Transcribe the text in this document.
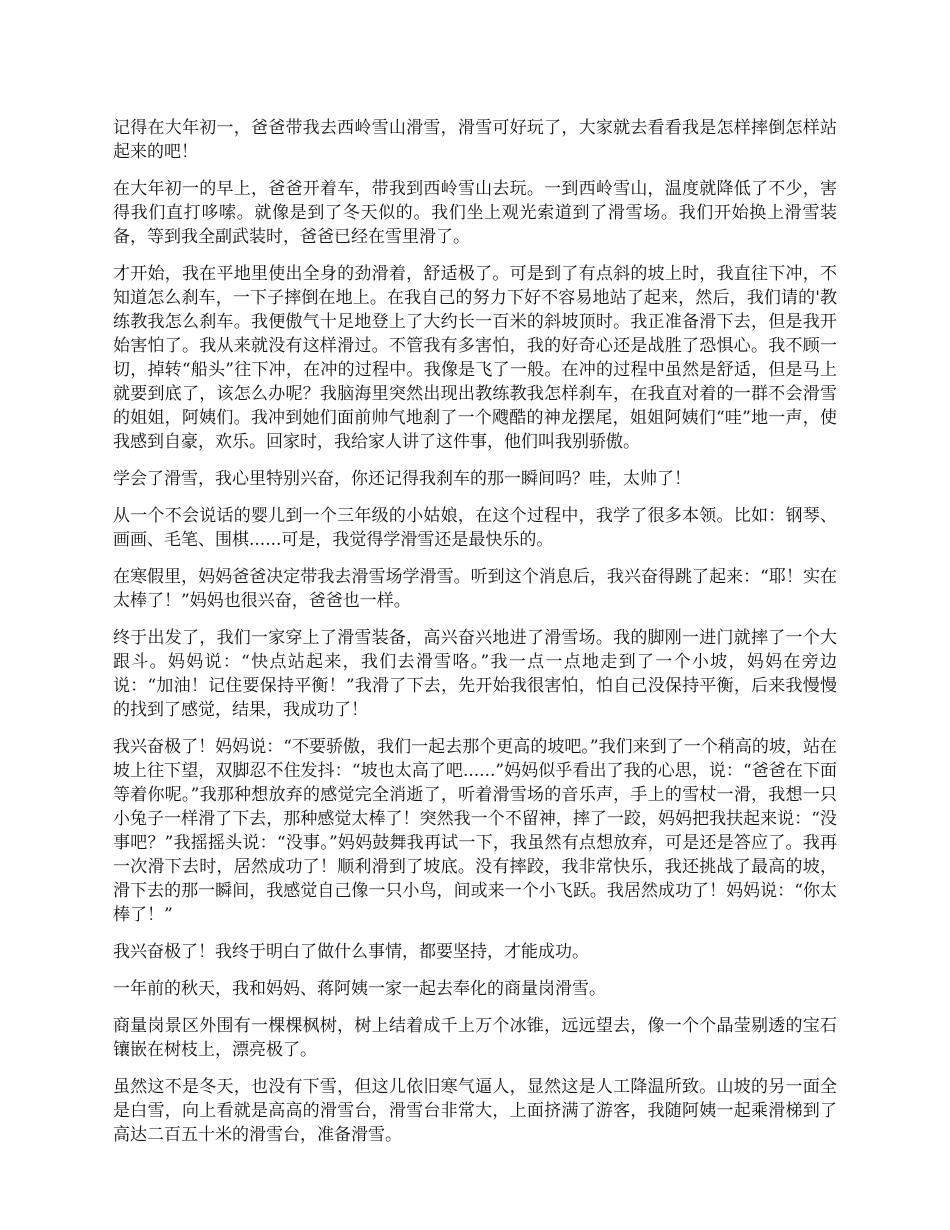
记得在大年初一，爸爸带我去西岭雪山滑雪，滑雪可好玩了，大家就去看看我是怎样摔倒怎样站起来的吧！

在大年初一的早上，爸爸开着车，带我到西岭雪山去玩。一到西岭雪山，温度就降低了不少，害得我们直打哆嗦。就像是到了冬天似的。我们坐上观光索道到了滑雪场。我们开始换上滑雪装备，等到我全副武装时，爸爸已经在雪里滑了。

才开始，我在平地里使出全身的劲滑着，舒适极了。可是到了有点斜的坡上时，我直往下冲，不知道怎么刹车，一下子摔倒在地上。在我自己的努力下好不容易地站了起来，然后，我们请的'教练教我怎么刹车。我便傲气十足地登上了大约长一百米的斜坡顶时。我正准备滑下去，但是我开始害怕了。我从来就没有这样滑过。不管我有多害怕，我的好奇心还是战胜了恐惧心。我不顾一切，掉转“船头”往下冲，在冲的过程中。我像是飞了一般。在冲的过程中虽然是舒适，但是马上就要到底了，该怎么办呢？我脑海里突然出现出教练教我怎样刹车，在我直对着的一群不会滑雪的姐姐，阿姨们。我冲到她们面前帅气地刹了一个飕酷的神龙摆尾，姐姐阿姨们“哇”地一声，使我感到自豪，欢乐。回家时，我给家人讲了这件事，他们叫我别骄傲。

学会了滑雪，我心里特别兴奋，你还记得我刹车的那一瞬间吗？哇，太帅了！

从一个不会说话的婴儿到一个三年级的小姑娘，在这个过程中，我学了很多本领。比如：钢琴、画画、毛笔、围棋......可是，我觉得学滑雪还是最快乐的。

在寒假里，妈妈爸爸决定带我去滑雪场学滑雪。听到这个消息后，我兴奋得跳了起来：“耶！实在太棒了！”妈妈也很兴奋，爸爸也一样。

终于出发了，我们一家穿上了滑雪装备，高兴奋兴地进了滑雪场。我的脚刚一进门就摔了一个大跟斗。妈妈说：“快点站起来，我们去滑雪咯。”我一点一点地走到了一个小坡，妈妈在旁边说：“加油！记住要保持平衡！”我滑了下去，先开始我很害怕，怕自己没保持平衡，后来我慢慢的找到了感觉，结果，我成功了！

我兴奋极了！妈妈说：“不要骄傲，我们一起去那个更高的坡吧。”我们来到了一个稍高的坡，站在坡上往下望，双脚忍不住发抖：“坡也太高了吧......”妈妈似乎看出了我的心思，说：“爸爸在下面等着你呢。”我那种想放弃的感觉完全消逝了，听着滑雪场的音乐声，手上的雪杖一滑，我想一只小兔子一样滑了下去，那种感觉太棒了！突然我一个不留神，摔了一跤，妈妈把我扶起来说：“没事吧？”我摇摇头说：“没事。”妈妈鼓舞我再试一下，我虽然有点想放弃，可是还是答应了。我再一次滑下去时，居然成功了！顺利滑到了坡底。没有摔跤，我非常快乐，我还挑战了最高的坡，滑下去的那一瞬间，我感觉自己像一只小鸟，间或来一个小飞跃。我居然成功了！妈妈说：“你太棒了！”

我兴奋极了！我终于明白了做什么事情，都要坚持，才能成功。

一年前的秋天，我和妈妈、蒋阿姨一家一起去奉化的商量岗滑雪。

商量岗景区外围有一棵棵枫树，树上结着成千上万个冰锥，远远望去，像一个个晶莹剔透的宝石镶嵌在树枝上，漂亮极了。

虽然这不是冬天，也没有下雪，但这儿依旧寒气逼人，显然这是人工降温所致。山坡的另一面全是白雪，向上看就是高高的滑雪台，滑雪台非常大，上面挤满了游客，我随阿姨一起乘滑梯到了高达二百五十米的滑雪台，准备滑雪。
